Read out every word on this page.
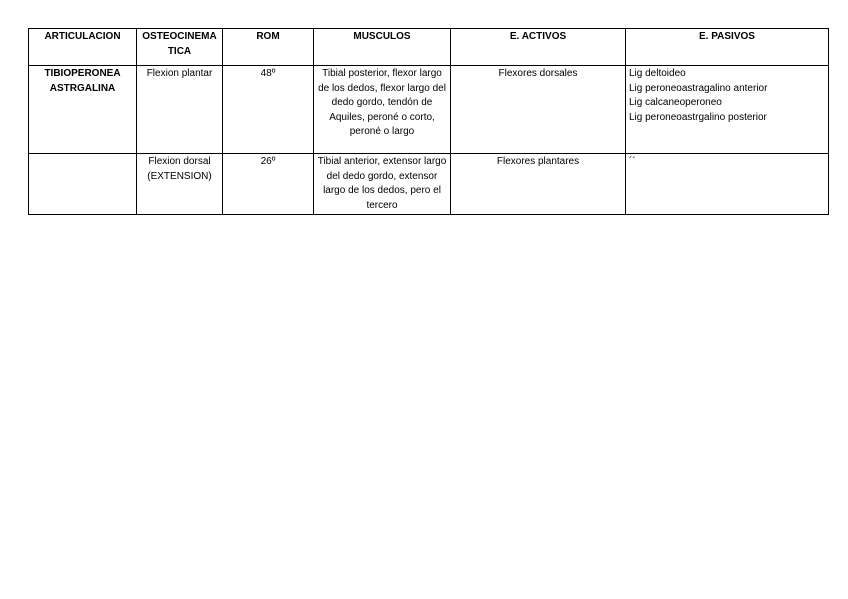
ARTICULACION	OSTEOCINEMATICA	ROM	MUSCULOS	E. ACTIVOS	E. PASIVOS
TIBIOPERONEA ASTRGALINA	Flexion plantar	48º	Tibial posterior, flexor largo de los dedos, flexor largo del dedo gordo, tendón de Aquiles, peroné o corto, peroné o largo	Flexores dorsales	Lig deltoideo
Lig peroneoastragalino anterior
Lig calcaneoperoneo
Lig peroneoastrgalino posterior

	Flexion dorsal (EXTENSION)	26º	Tibial anterior, extensor largo del dedo gordo, extensor largo de los dedos, pero el tercero	Flexores plantares	´´
